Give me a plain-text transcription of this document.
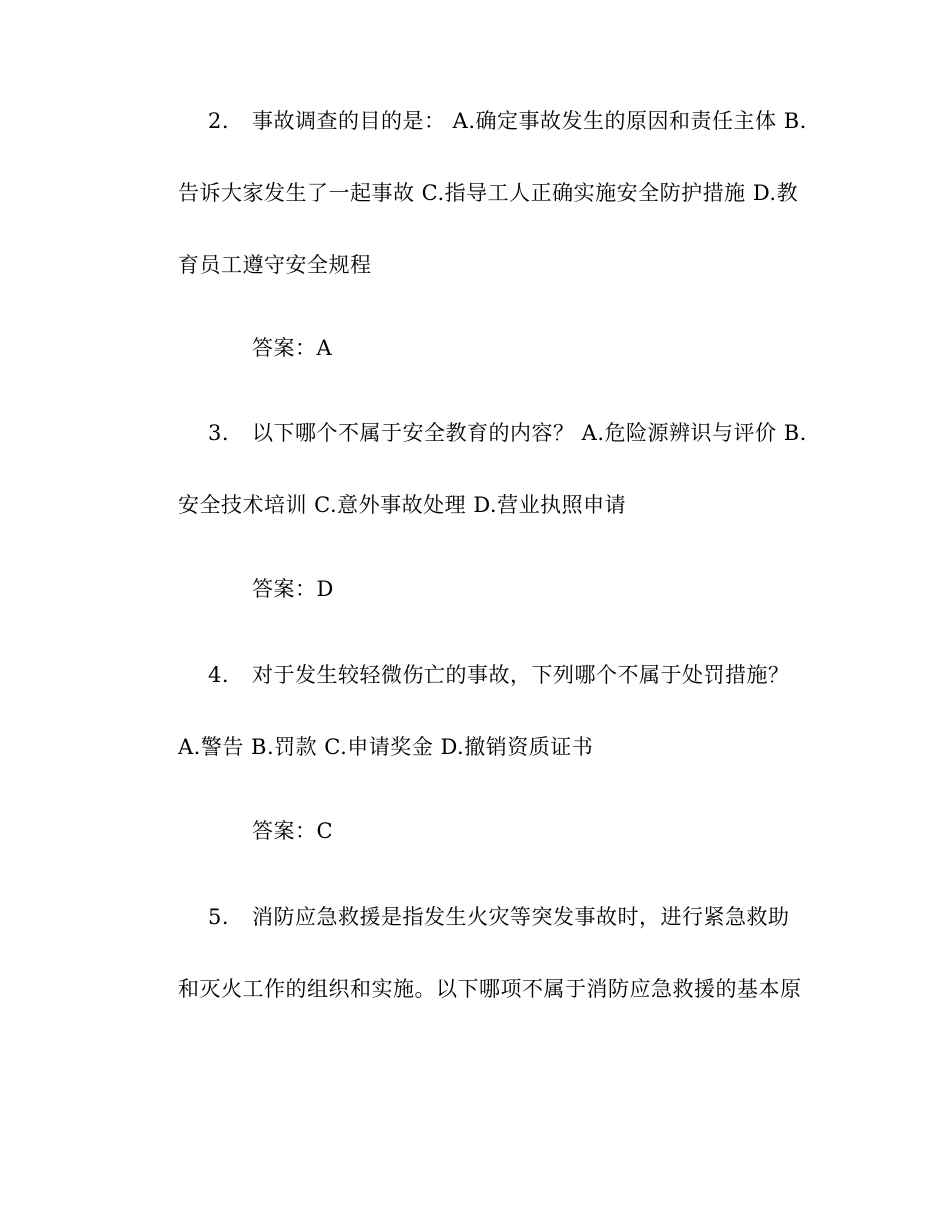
2. 事故调查的目的是： A.确定事故发生的原因和责任主体 B.
告诉大家发生了一起事故 C.指导工人正确实施安全防护措施 D.教
育员工遵守安全规程
答案：A
3. 以下哪个不属于安全教育的内容？ A.危险源辨识与评价 B.
安全技术培训 C.意外事故处理 D.营业执照申请
答案：D
4. 对于发生较轻微伤亡的事故，下列哪个不属于处罚措施？
A.警告 B.罚款 C.申请奖金 D.撤销资质证书
答案：C
5. 消防应急救援是指发生火灾等突发事故时，进行紧急救助
和灭火工作的组织和实施。以下哪项不属于消防应急救援的基本原
